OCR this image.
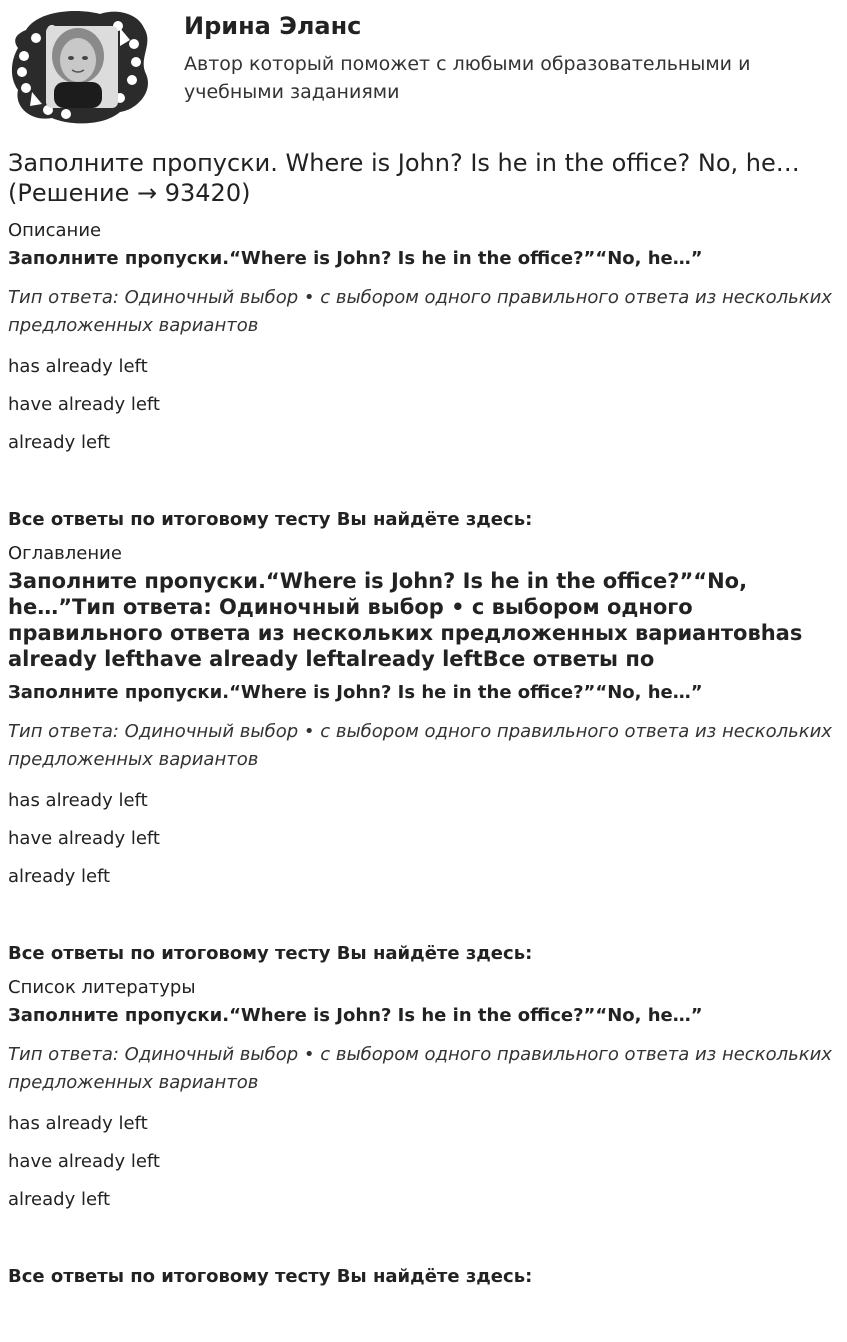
Ирина Эланс
Автор который поможет с любыми образовательными и учебными заданиями
Заполните пропуски. Where is John? Is he in the office? No, he… (Решение → 93420)
Описание
Заполните пропуски.“Where is John? Is he in the office?”“No, he…”
Тип ответа: Одиночный выбор • с выбором одного правильного ответа из нескольких предложенных вариантов
has already left
have already left
already left
Все ответы по итоговому тесту Вы найдёте здесь:
Оглавление
Заполните пропуски.“Where is John? Is he in the office?”“No, he…”Тип ответа: Одиночный выбор • с выбором одного правильного ответа из нескольких предложенных вариантовhas already lefthave already leftalready leftВсе ответы по
Заполните пропуски.“Where is John? Is he in the office?”“No, he…”
Тип ответа: Одиночный выбор • с выбором одного правильного ответа из нескольких предложенных вариантов
has already left
have already left
already left
Все ответы по итоговому тесту Вы найдёте здесь:
Список литературы
Заполните пропуски.“Where is John? Is he in the office?”“No, he…”
Тип ответа: Одиночный выбор • с выбором одного правильного ответа из нескольких предложенных вариантов
has already left
have already left
already left
Все ответы по итоговому тесту Вы найдёте здесь:
